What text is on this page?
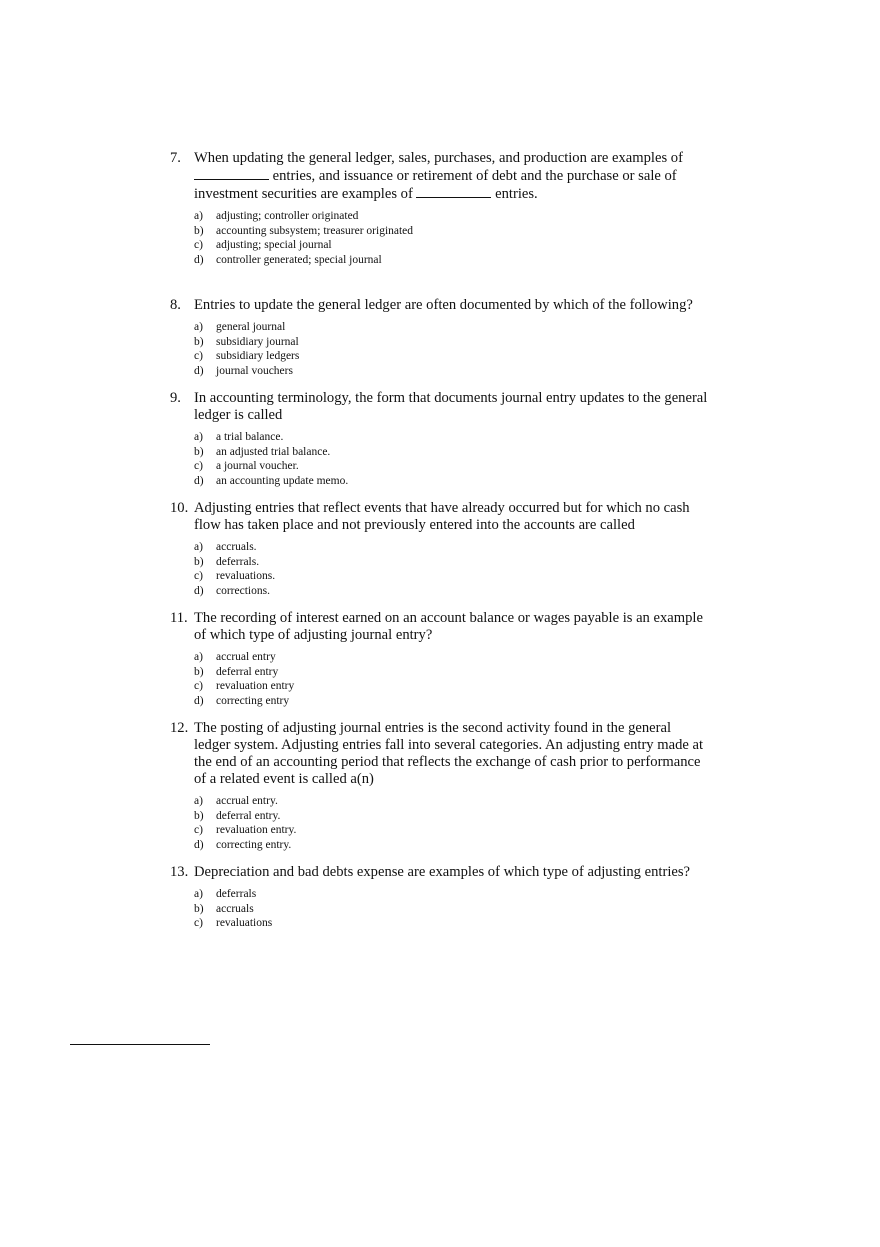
7. When updating the general ledger, sales, purchases, and production are examples of  entries, and issuance or retirement of debt and the purchase or sale of investment securities are examples of	entries.
a) adjusting; controller originated
b) accounting subsystem; treasurer originated
c) adjusting; special journal
d) controller generated; special journal
8. Entries to update the general ledger are often documented by which of the following?
a) general journal
b) subsidiary journal
c) subsidiary ledgers
d) journal vouchers
9. In accounting terminology, the form that documents journal entry updates to the general ledger is called
a) a trial balance.
b) an adjusted trial balance.
c) a journal voucher.
d) an accounting update memo.
10. Adjusting entries that reflect events that have already occurred but for which no cash flow has taken place and not previously entered into the accounts are called
a) accruals.
b) deferrals.
c) revaluations.
d) corrections.
11. The recording of interest earned on an account balance or wages payable is an example of which type of adjusting journal entry?
a) accrual entry
b) deferral entry
c) revaluation entry
d) correcting entry
12. The posting of adjusting journal entries is the second activity found in the general ledger system. Adjusting entries fall into several categories. An adjusting entry made at the end of an accounting period that reflects the exchange of cash prior to performance of a related event is called a(n)
a) accrual entry.
b) deferral entry.
c) revaluation entry.
d) correcting entry.
13. Depreciation and bad debts expense are examples of which type of adjusting entries?
a) deferrals
b) accruals
c) revaluations
